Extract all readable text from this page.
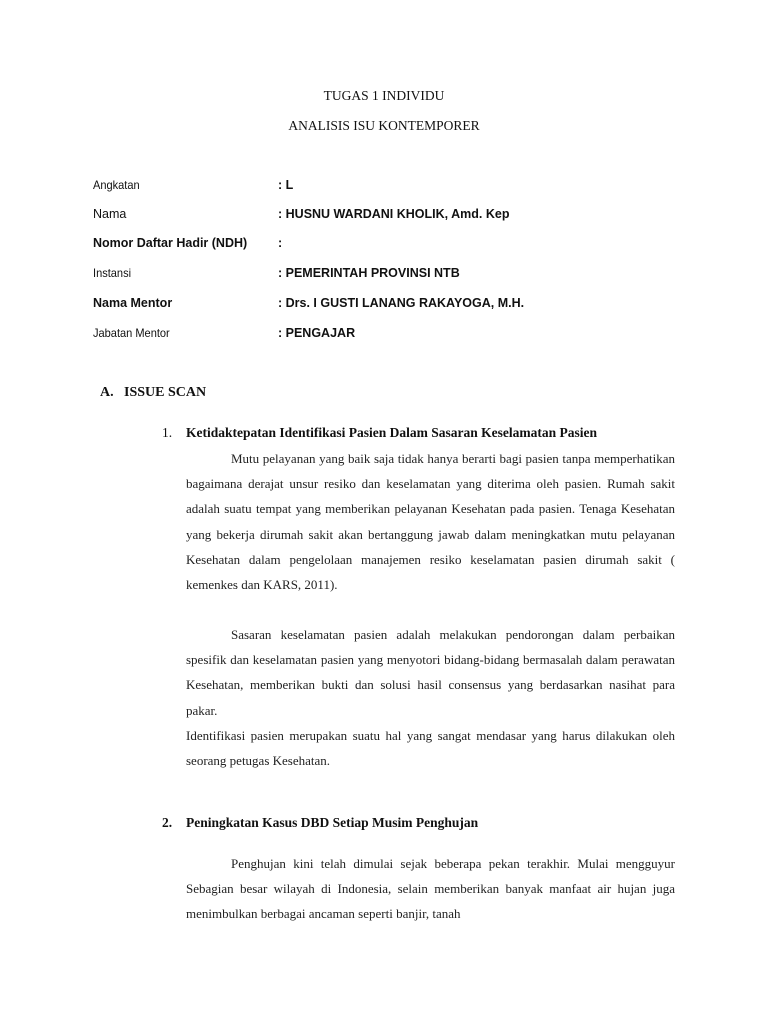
TUGAS 1 INDIVIDU
ANALISIS ISU KONTEMPORER
Angkatan	: L
Nama	: HUSNU WARDANI KHOLIK, Amd. Kep
Nomor Daftar Hadir (NDH) :
Instansi	: PEMERINTAH PROVINSI NTB
Nama Mentor	: Drs. I GUSTI LANANG RAKAYOGA, M.H.
Jabatan Mentor	: PENGAJAR
A. ISSUE SCAN
1. Ketidaktepatan Identifikasi Pasien Dalam Sasaran Keselamatan Pasien
Mutu pelayanan yang baik saja tidak hanya berarti bagi pasien tanpa memperhatikan bagaimana derajat unsur resiko dan keselamatan yang diterima oleh pasien. Rumah sakit adalah suatu tempat yang memberikan pelayanan Kesehatan pada pasien. Tenaga Kesehatan yang bekerja dirumah sakit akan bertanggung jawab dalam meningkatkan mutu pelayanan Kesehatan dalam pengelolaan manajemen resiko keselamatan pasien dirumah sakit ( kemenkes dan KARS, 2011).
Sasaran keselamatan pasien adalah melakukan pendorongan dalam perbaikan spesifik dan keselamatan pasien yang menyotori bidang-bidang bermasalah dalam perawatan Kesehatan, memberikan bukti dan solusi hasil consensus yang berdasarkan nasihat para pakar.
Identifikasi pasien merupakan suatu hal yang sangat mendasar yang harus dilakukan oleh seorang petugas Kesehatan.
2. Peningkatan Kasus DBD Setiap Musim Penghujan
Penghujan kini telah dimulai sejak beberapa pekan terakhir. Mulai mengguyur Sebagian besar wilayah di Indonesia, selain memberikan banyak manfaat air hujan juga menimbulkan berbagai ancaman seperti banjir, tanah
